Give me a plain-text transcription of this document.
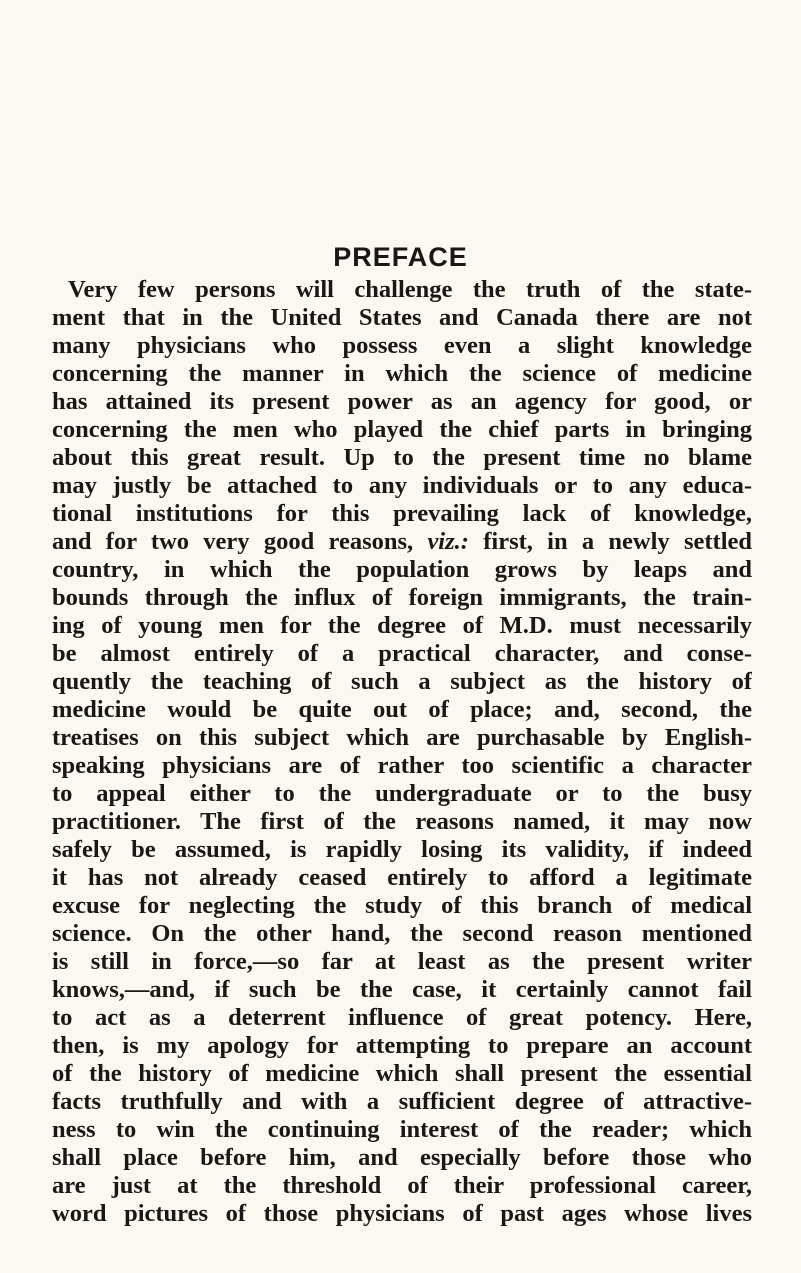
PREFACE
Very few persons will challenge the truth of the state-
ment that in the United States and Canada there are not
many physicians who possess even a slight knowledge
concerning the manner in which the science of medicine
has attained its present power as an agency for good, or
concerning the men who played the chief parts in bringing
about this great result. Up to the present time no blame
may justly be attached to any individuals or to any educa-
tional institutions for this prevailing lack of knowledge,
and for two very good reasons, viz.: first, in a newly settled
country, in which the population grows by leaps and
bounds through the influx of foreign immigrants, the train-
ing of young men for the degree of M.D. must necessarily
be almost entirely of a practical character, and conse-
quently the teaching of such a subject as the history of
medicine would be quite out of place; and, second, the
treatises on this subject which are purchasable by English-
speaking physicians are of rather too scientific a character
to appeal either to the undergraduate or to the busy
practitioner. The first of the reasons named, it may now
safely be assumed, is rapidly losing its validity, if indeed
it has not already ceased entirely to afford a legitimate
excuse for neglecting the study of this branch of medical
science. On the other hand, the second reason mentioned
is still in force,—so far at least as the present writer
knows,—and, if such be the case, it certainly cannot fail
to act as a deterrent influence of great potency. Here,
then, is my apology for attempting to prepare an account
of the history of medicine which shall present the essential
facts truthfully and with a sufficient degree of attractive-
ness to win the continuing interest of the reader; which
shall place before him, and especially before those who
are just at the threshold of their professional career,
word pictures of those physicians of past ages whose lives
